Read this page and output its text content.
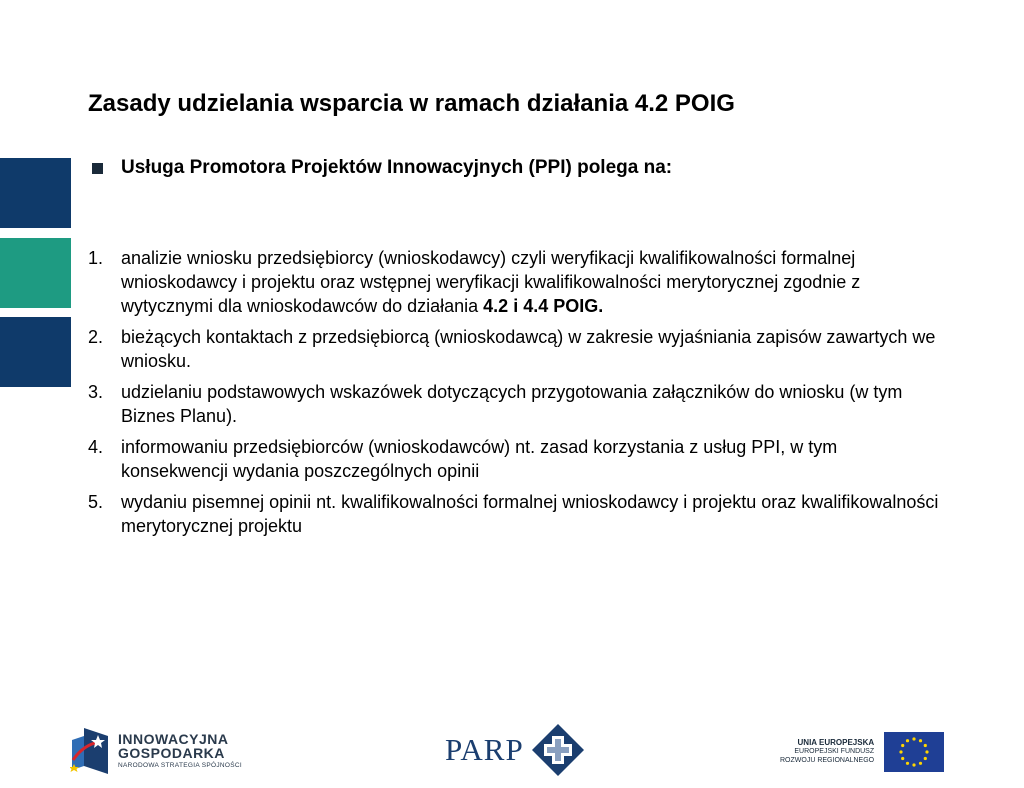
Zasady udzielania wsparcia w ramach działania 4.2 POIG
Usługa Promotora Projektów Innowacyjnych (PPI) polega na:
1. analizie wniosku przedsiębiorcy (wnioskodawcy) czyli weryfikacji kwalifikowalności formalnej wnioskodawcy i projektu oraz wstępnej weryfikacji kwalifikowalności merytorycznej zgodnie z wytycznymi dla wnioskodawców do działania 4.2 i 4.4 POIG.
2. bieżących kontaktach z przedsiębiorcą (wnioskodawcą) w zakresie wyjaśniania zapisów zawartych we wniosku.
3. udzielaniu podstawowych wskazówek dotyczących przygotowania załączników do wniosku (w tym Biznes Planu).
4. informowaniu przedsiębiorców (wnioskodawców) nt. zasad korzystania z usług PPI, w tym konsekwencji wydania poszczególnych opinii
5. wydaniu pisemnej opinii nt. kwalifikowalności formalnej wnioskodawcy i projektu oraz kwalifikowalności merytorycznej projektu
INNOWACYJNA
GOSPODARKA
NARODOWA STRATEGIA SPÓJNOŚCI	PARP	UNIA EUROPEJSKA
EUROPEJSKI FUNDUSZ
ROZWOJU REGIONALNEGO
